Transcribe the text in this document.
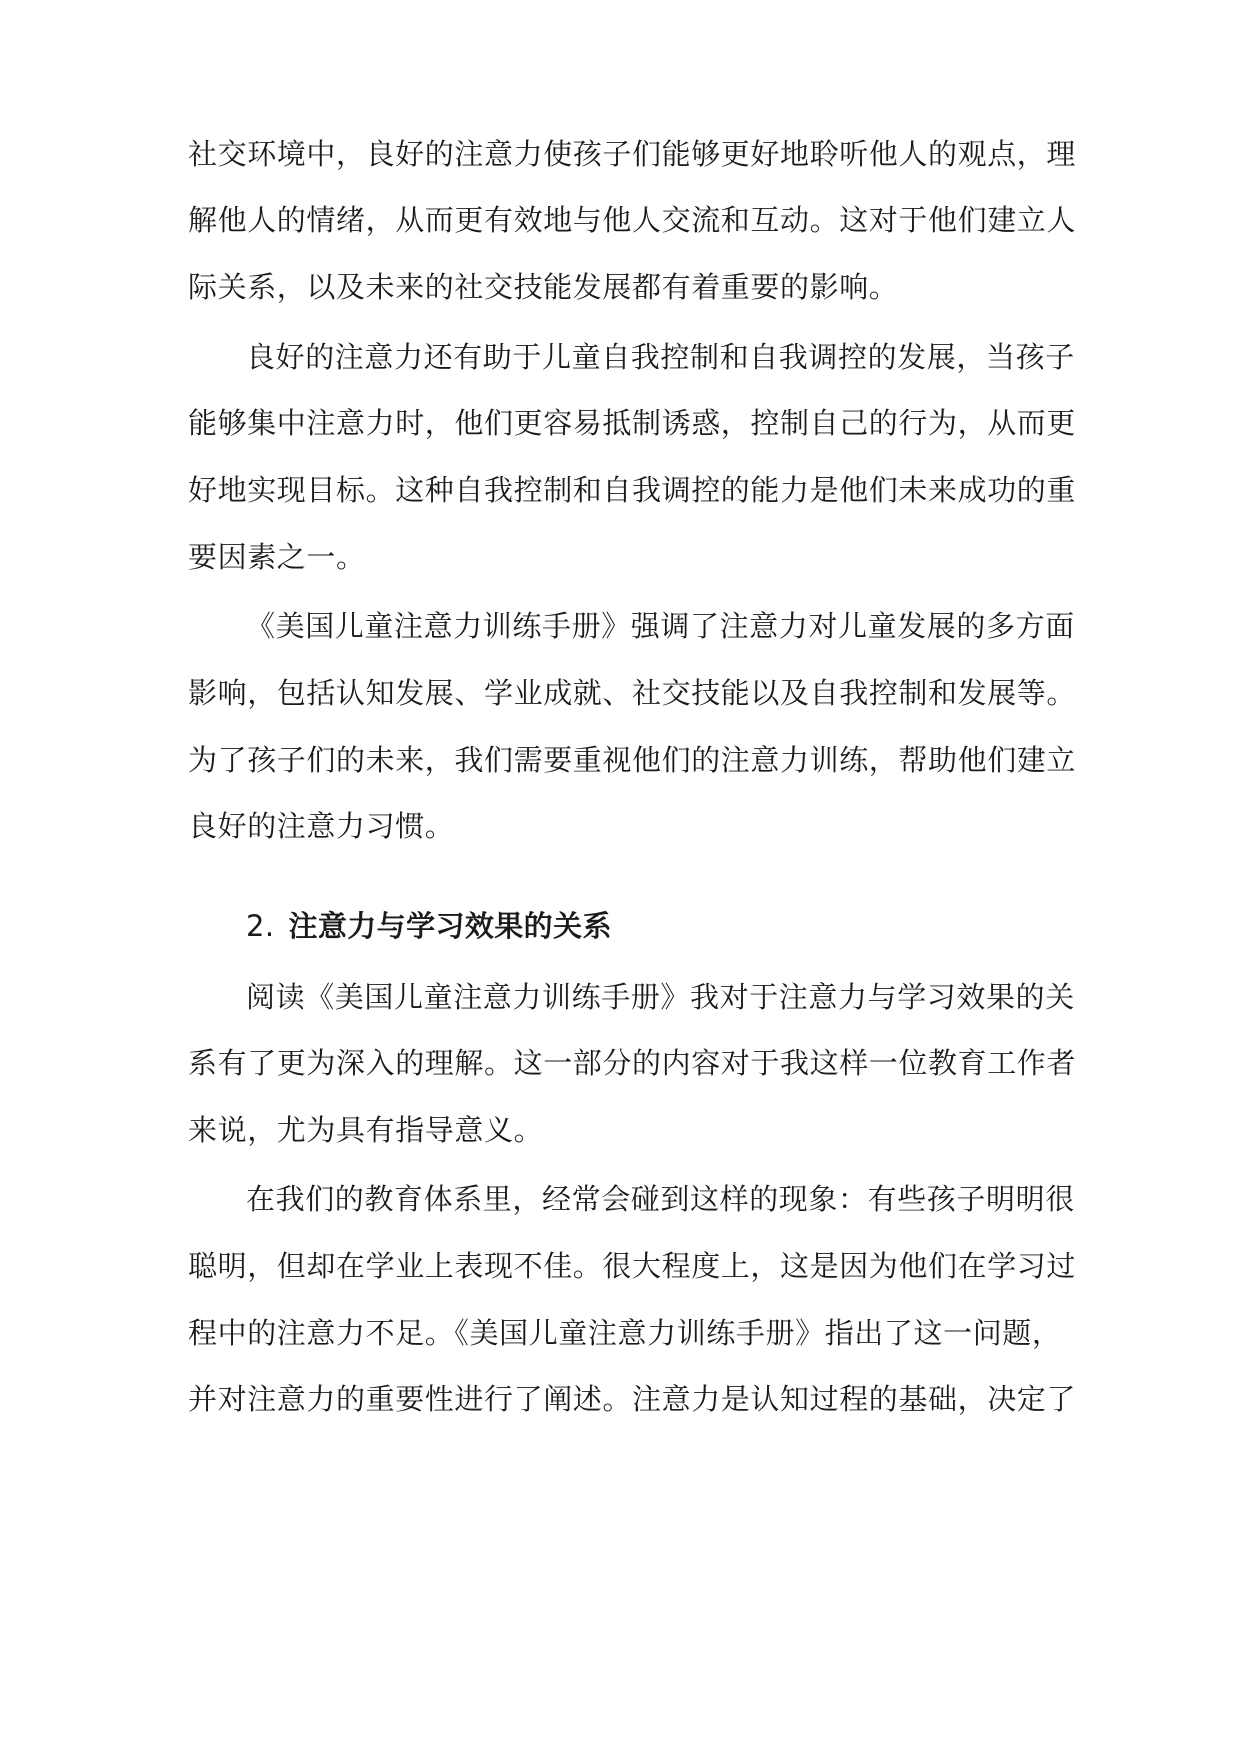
社交环境中，良好的注意力使孩子们能够更好地聆听他人的观点，理
解他人的情绪，从而更有效地与他人交流和互动。这对于他们建立人
际关系，以及未来的社交技能发展都有着重要的影响。
良好的注意力还有助于儿童自我控制和自我调控的发展，当孩子
能够集中注意力时，他们更容易抵制诱惑，控制自己的行为，从而更
好地实现目标。这种自我控制和自我调控的能力是他们未来成功的重
要因素之一。
《美国儿童注意力训练手册》强调了注意力对儿童发展的多方面
影响，包括认知发展、学业成就、社交技能以及自我控制和发展等。
为了孩子们的未来，我们需要重视他们的注意力训练，帮助他们建立
良好的注意力习惯。
2. 注意力与学习效果的关系
阅读《美国儿童注意力训练手册》我对于注意力与学习效果的关
系有了更为深入的理解。这一部分的内容对于我这样一位教育工作者
来说，尤为具有指导意义。
在我们的教育体系里，经常会碰到这样的现象：有些孩子明明很
聪明，但却在学业上表现不佳。很大程度上，这是因为他们在学习过
程中的注意力不足。《美国儿童注意力训练手册》指出了这一问题，
并对注意力的重要性进行了阐述。注意力是认知过程的基础，决定了
